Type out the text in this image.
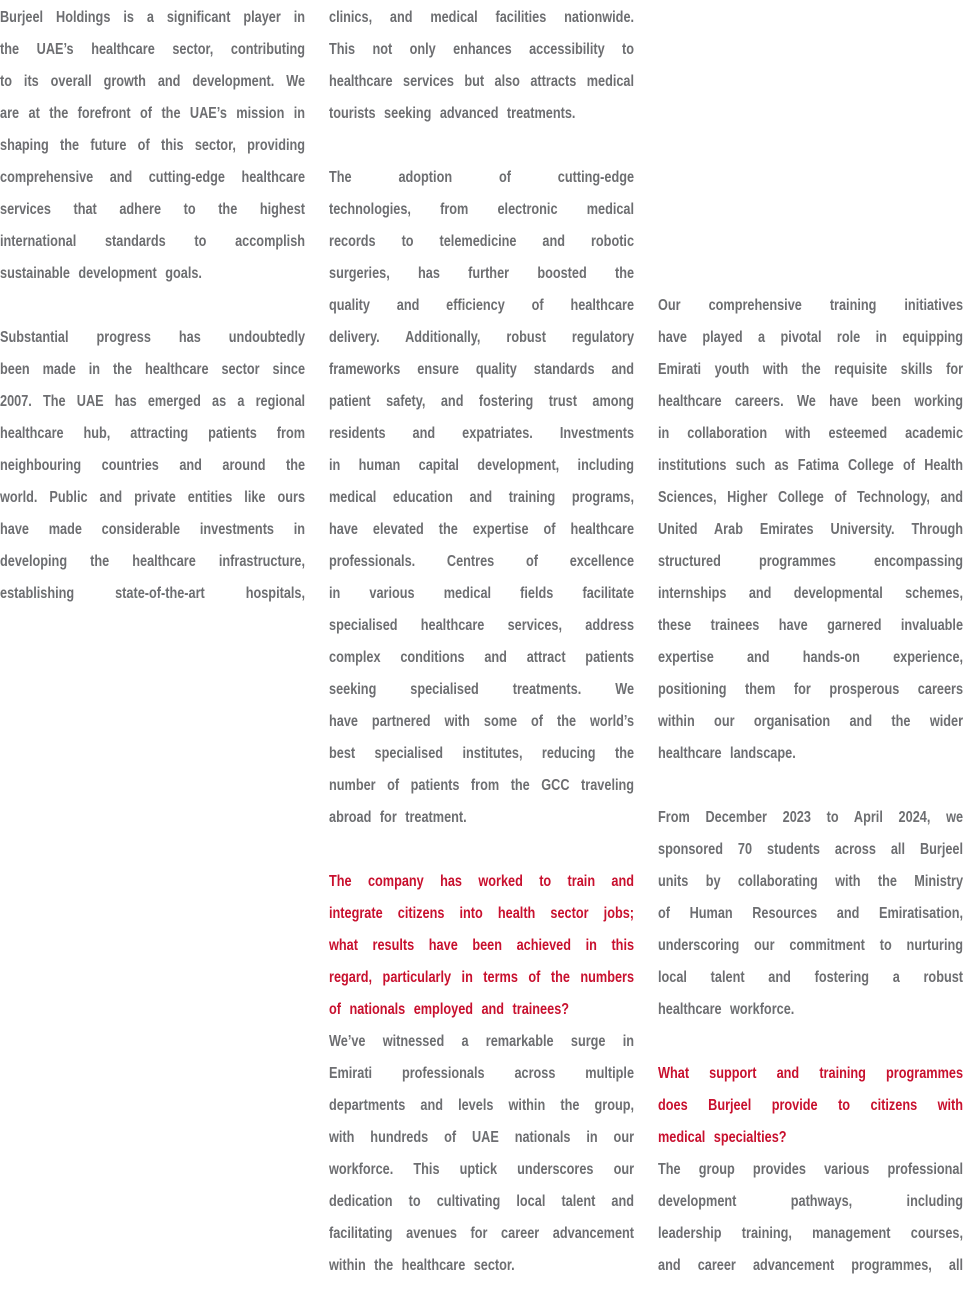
Burjeel Holdings is a significant player in
the UAE’s healthcare sector, contributing
to its overall growth and development. We
are at the forefront of the UAE’s mission in
shaping the future of this sector, providing
comprehensive and cutting-edge healthcare
services that adhere to the highest
international standards to accomplish
sustainable development goals.
Substantial progress has undoubtedly
been made in the healthcare sector since
2007. The UAE has emerged as a regional
healthcare hub, attracting patients from
neighbouring countries and around the
world. Public and private entities like ours
have made considerable investments in
developing the healthcare infrastructure,
establishing state-of-the-art hospitals,
clinics, and medical facilities nationwide.
This not only enhances accessibility to
healthcare services but also attracts medical
tourists seeking advanced treatments.
The adoption of cutting-edge
technologies, from electronic medical
records to telemedicine and robotic
surgeries, has further boosted the
quality and efficiency of healthcare
delivery. Additionally, robust regulatory
frameworks ensure quality standards and
patient safety, and fostering trust among
residents and expatriates. Investments
in human capital development, including
medical education and training programs,
have elevated the expertise of healthcare
professionals. Centres of excellence
in various medical fields facilitate
specialised healthcare services, address
complex conditions and attract patients
seeking specialised treatments. We
have partnered with some of the world’s
best specialised institutes, reducing the
number of patients from the GCC traveling
abroad for treatment.
The company has worked to train and
integrate citizens into health sector jobs;
what results have been achieved in this
regard, particularly in terms of the numbers
of nationals employed and trainees?
We’ve witnessed a remarkable surge in
Emirati professionals across multiple
departments and levels within the group,
with hundreds of UAE nationals in our
workforce. This uptick underscores our
dedication to cultivating local talent and
facilitating avenues for career advancement
within the healthcare sector.
Our comprehensive training initiatives
have played a pivotal role in equipping
Emirati youth with the requisite skills for
healthcare careers. We have been working
in collaboration with esteemed academic
institutions such as Fatima College of Health
Sciences, Higher College of Technology, and
United Arab Emirates University. Through
structured programmes encompassing
internships and developmental schemes,
these trainees have garnered invaluable
expertise and hands-on experience,
positioning them for prosperous careers
within our organisation and the wider
healthcare landscape.
From December 2023 to April 2024, we
sponsored 70 students across all Burjeel
units by collaborating with the Ministry
of Human Resources and Emiratisation,
underscoring our commitment to nurturing
local talent and fostering a robust
healthcare workforce.
What support and training programmes
does Burjeel provide to citizens with
medical specialties?
The group provides various professional
development pathways, including
leadership training, management courses,
and career advancement programmes, all
